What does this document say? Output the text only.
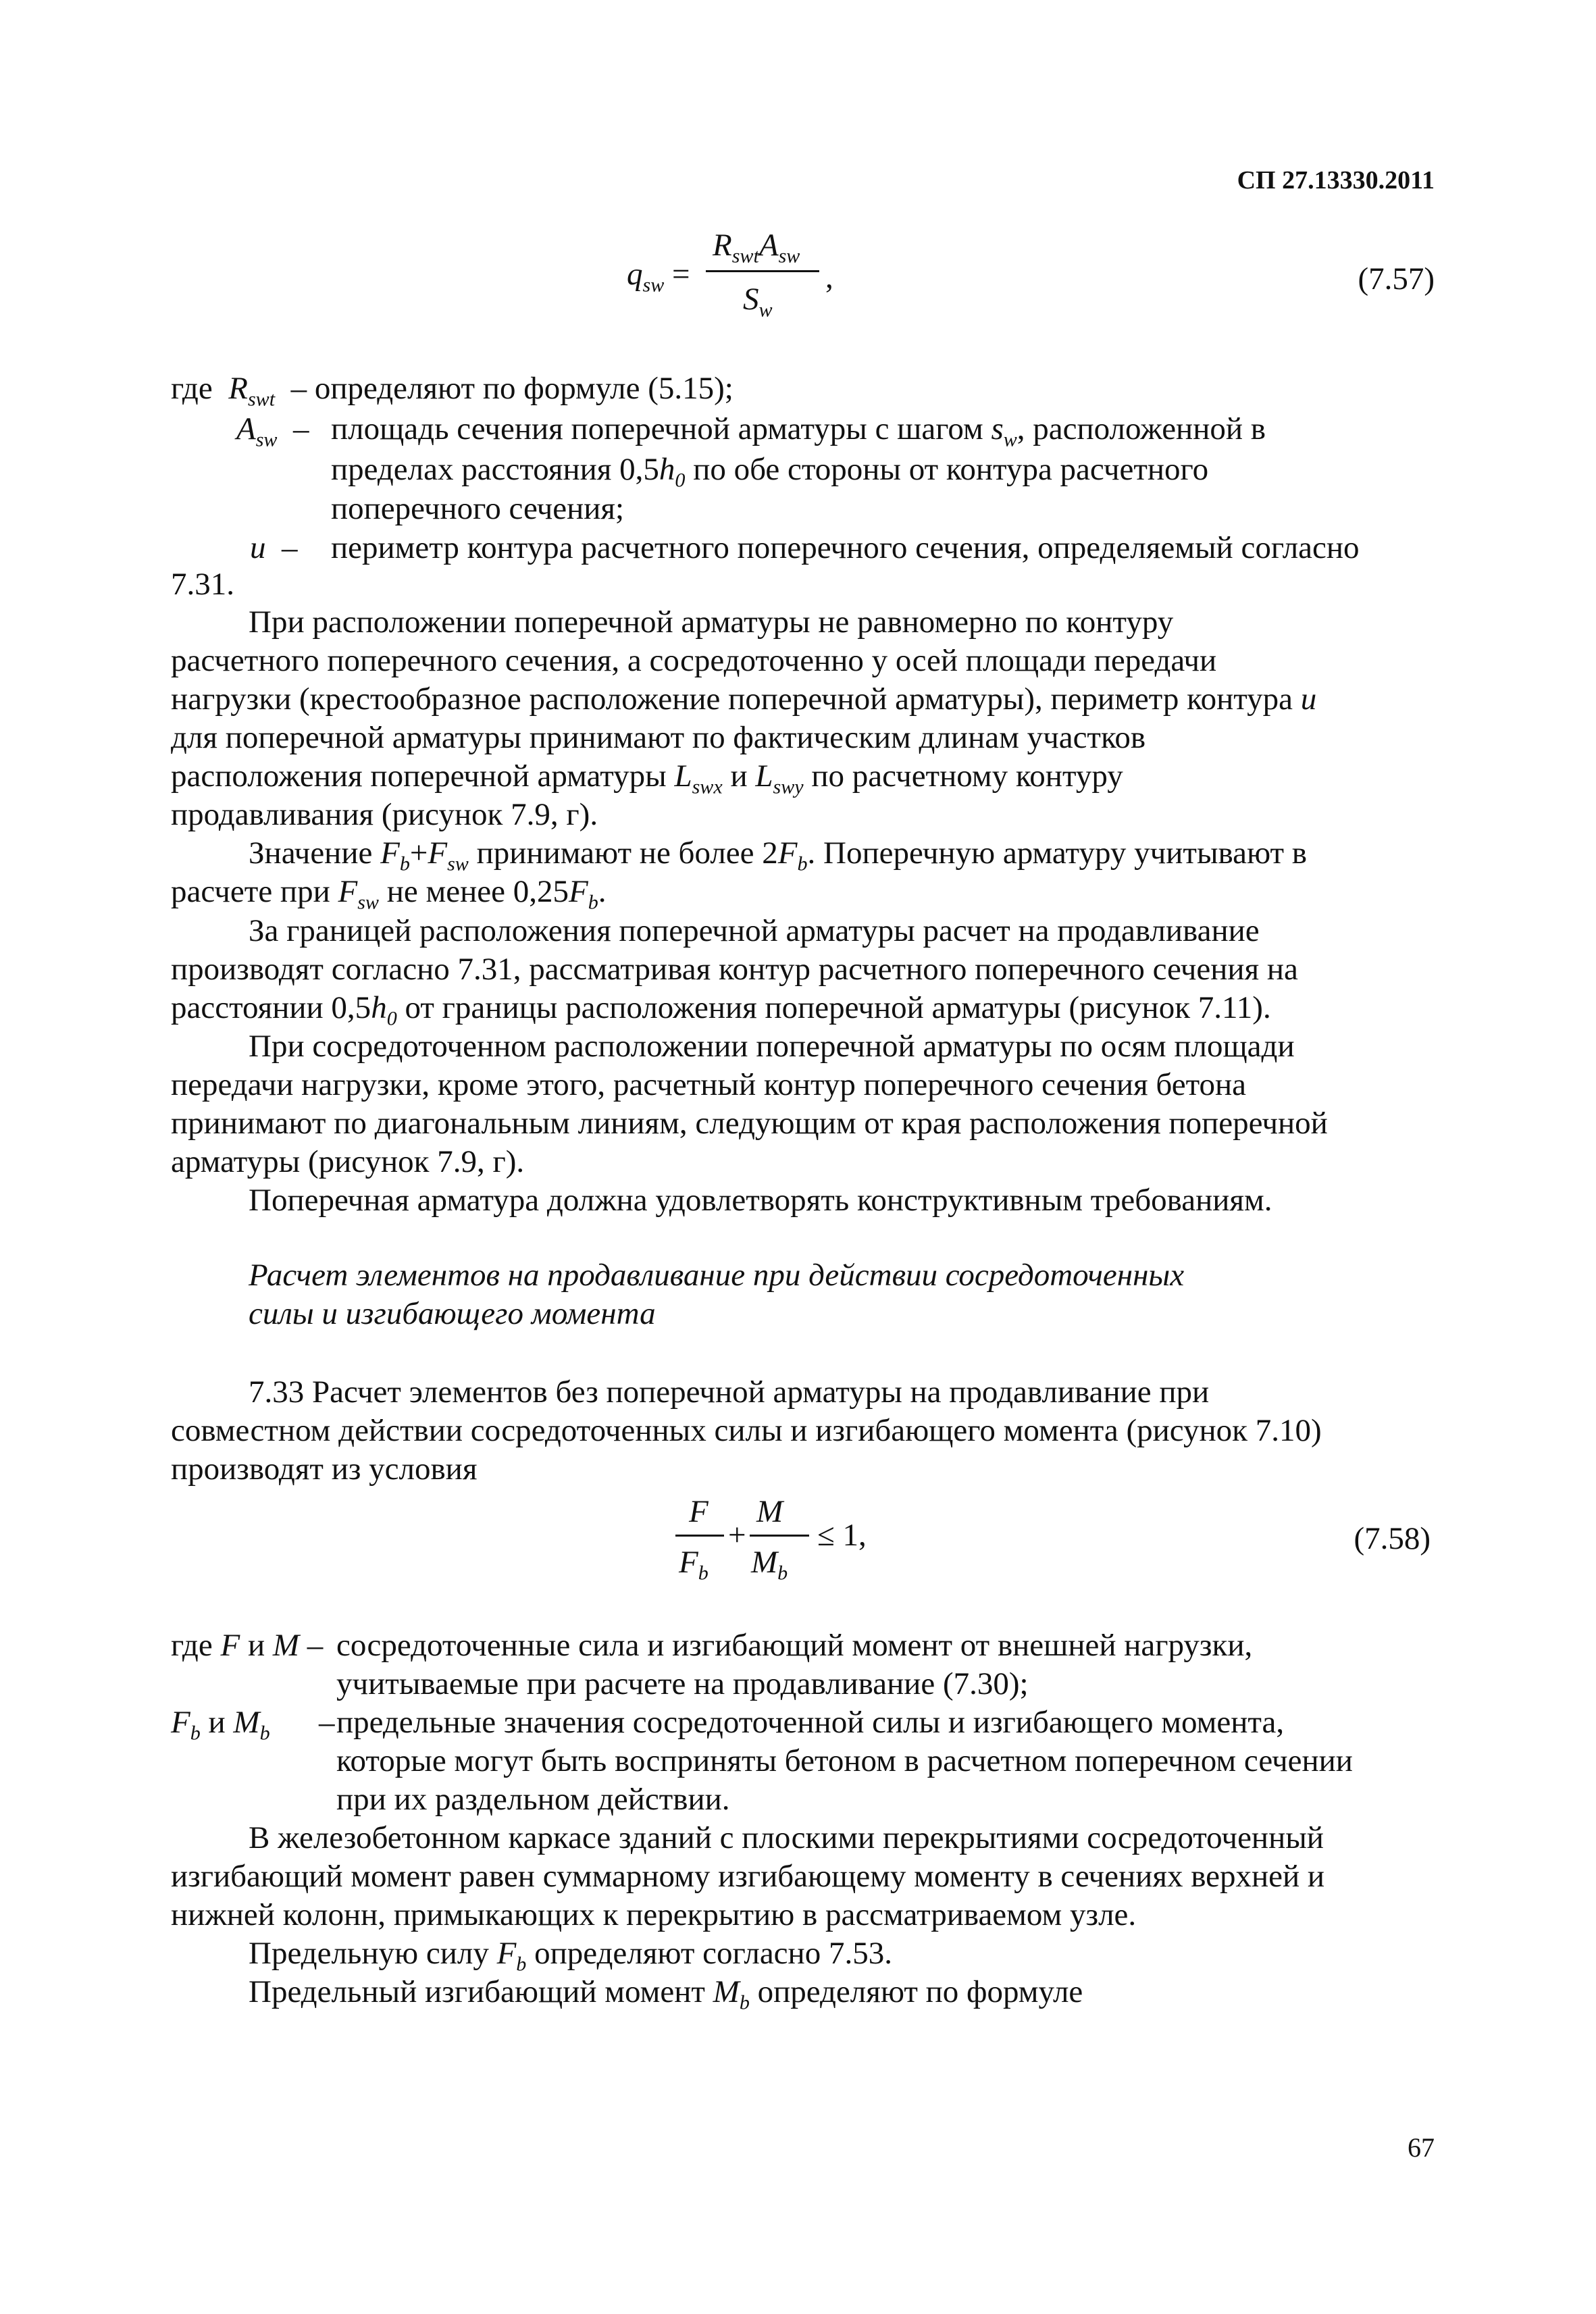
СП 27.13330.2011
$q_{sw}$ =
$R_{swt}A_{sw}$
$S_w$
,	(7.57)
где $R_{swt}$ – определяют по формуле (5.15);
$A_{sw}$ – площадь сечения поперечной арматуры с шагом $s_w$, расположенной в
пределах расстояния $0,5h_0$ по обе стороны от контура расчетного
поперечного сечения;
u – периметр контура расчетного поперечного сечения, определяемый согласно
7.31.
При расположении поперечной арматуры не равномерно по контуру
расчетного поперечного сечения, а сосредоточенно у осей площади передачи
нагрузки (крестообразное расположение поперечной арматуры), периметр контура u
для поперечной арматуры принимают по фактическим длинам участков
расположения поперечной арматуры $L_{swx}$ и $L_{swy}$ по расчетному контуру
продавливания (рисунок 7.9, г).
Значение $F_b+F_{sw}$ принимают не более $2F_b$. Поперечную арматуру учитывают в
расчете при $F_{sw}$ не менее $0,25F_b$.
За границей расположения поперечной арматуры расчет на продавливание
производят согласно 7.31, рассматривая контур расчетного поперечного сечения на
расстоянии $0,5h_0$ от границы расположения поперечной арматуры (рисунок 7.11).
При сосредоточенном расположении поперечной арматуры по осям площади
передачи нагрузки, кроме этого, расчетный контур поперечного сечения бетона
принимают по диагональным линиям, следующим от края расположения поперечной
арматуры (рисунок 7.9, г).
Поперечная арматура должна удовлетворять конструктивным требованиям.
Расчет элементов на продавливание при действии сосредоточенных
силы и изгибающего момента
7.33 Расчет элементов без поперечной арматуры на продавливание при
совместном действии сосредоточенных силы и изгибающего момента (рисунок 7.10)
производят из условия
F
$F_b$
+
M
$M_b$
≤ 1,	(7.58)
где F и M – сосредоточенные сила и изгибающий момент от внешней нагрузки,
учитываемые при расчете на продавливание (7.30);
$F_b$ и $M_b$ – предельные значения сосредоточенной силы и изгибающего момента,
которые могут быть восприняты бетоном в расчетном поперечном сечении
при их раздельном действии.
В железобетонном каркасе зданий с плоскими перекрытиями сосредоточенный
изгибающий момент равен суммарному изгибающему моменту в сечениях верхней и
нижней колонн, примыкающих к перекрытию в рассматриваемом узле.
Предельную силу $F_b$ определяют согласно 7.53.
Предельный изгибающий момент $M_b$ определяют по формуле
67
